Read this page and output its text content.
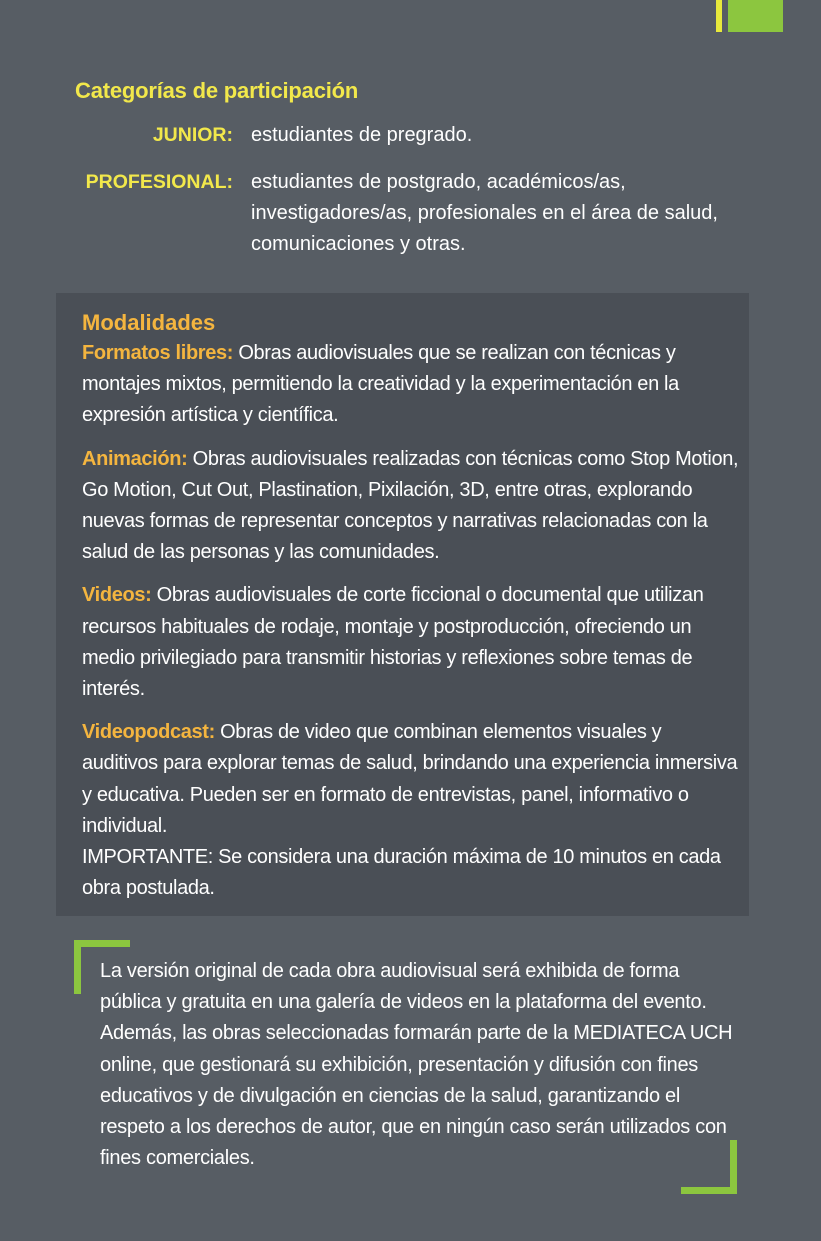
Categorías de participación
JUNIOR: estudiantes de pregrado.
PROFESIONAL: estudiantes de postgrado, académicos/as, investigadores/as, profesionales en el área de salud, comunicaciones y otras.
Modalidades

Formatos libres: Obras audiovisuales que se realizan con técnicas y montajes mixtos, permitiendo la creatividad y la experimentación en la expresión artística y científica.

Animación: Obras audiovisuales realizadas con técnicas como Stop Motion, Go Motion, Cut Out, Plastination, Pixilación, 3D, entre otras, explorando nuevas formas de representar conceptos y narrativas relacionadas con la salud de las personas y las comunidades.

Videos: Obras audiovisuales de corte ficcional o documental que utilizan recursos habituales de rodaje, montaje y postproducción, ofreciendo un medio privilegiado para transmitir historias y reflexiones sobre temas de interés.

Videopodcast: Obras de video que combinan elementos visuales y auditivos para explorar temas de salud, brindando una experiencia inmersiva y educativa. Pueden ser en formato de entrevistas, panel, informativo o individual.

IMPORTANTE: Se considera una duración máxima de 10 minutos en cada obra postulada.
La versión original de cada obra audiovisual será exhibida de forma pública y gratuita en una galería de videos en la plataforma del evento. Además, las obras seleccionadas formarán parte de la MEDIATECA UCH online, que gestionará su exhibición, presentación y difusión con fines educativos y de divulgación en ciencias de la salud, garantizando el respeto a los derechos de autor, que en ningún caso serán utilizados con fines comerciales.
